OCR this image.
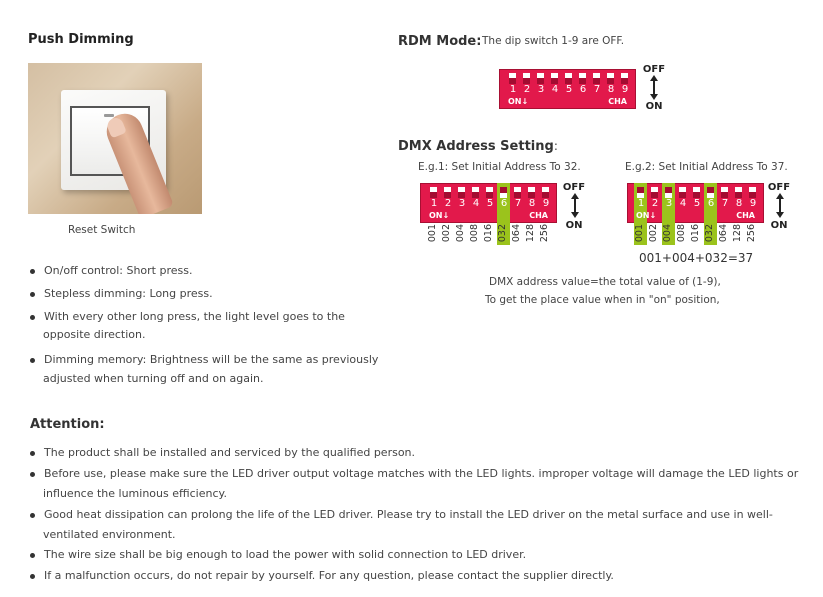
Push Dimming
Reset Switch
On/off control: Short press.
Stepless dimming: Long press.
With every other long press, the light level goes to the
opposite direction.
Dimming memory: Brightness will be the same as previously
adjusted when turning off and on again.
RDM Mode: The dip switch 1-9 are OFF.
1 2 3 4 5 6 7 8 9
ON↓	CHA
OFF
ON
DMX Address Setting:
E.g.1: Set Initial Address To 32.	E.g.2: Set Initial Address To 37.
1 2 3 4 5 6 7 8 9
ON↓	CHA
OFF
ON
001 002 004 008 016 032 064 128 256
1 2 3 4 5 6 7 8 9
ON↓	CHA
OFF
ON
001 002 004 008 016 032 064 128 256
001+004+032=37
DMX address value=the total value of (1-9),
To get the place value when in "on" position,
Attention:
The product shall be installed and serviced by the qualified person.
Before use, please make sure the LED driver output voltage matches with the LED lights. improper voltage will damage the LED lights or
influence the luminous efficiency.
Good heat dissipation can prolong the life of the LED driver. Please try to install the LED driver on the metal surface and use in well-
ventilated environment.
The wire size shall be big enough to load the power with solid connection to LED driver.
If a malfunction occurs, do not repair by yourself. For any question, please contact the supplier directly.
